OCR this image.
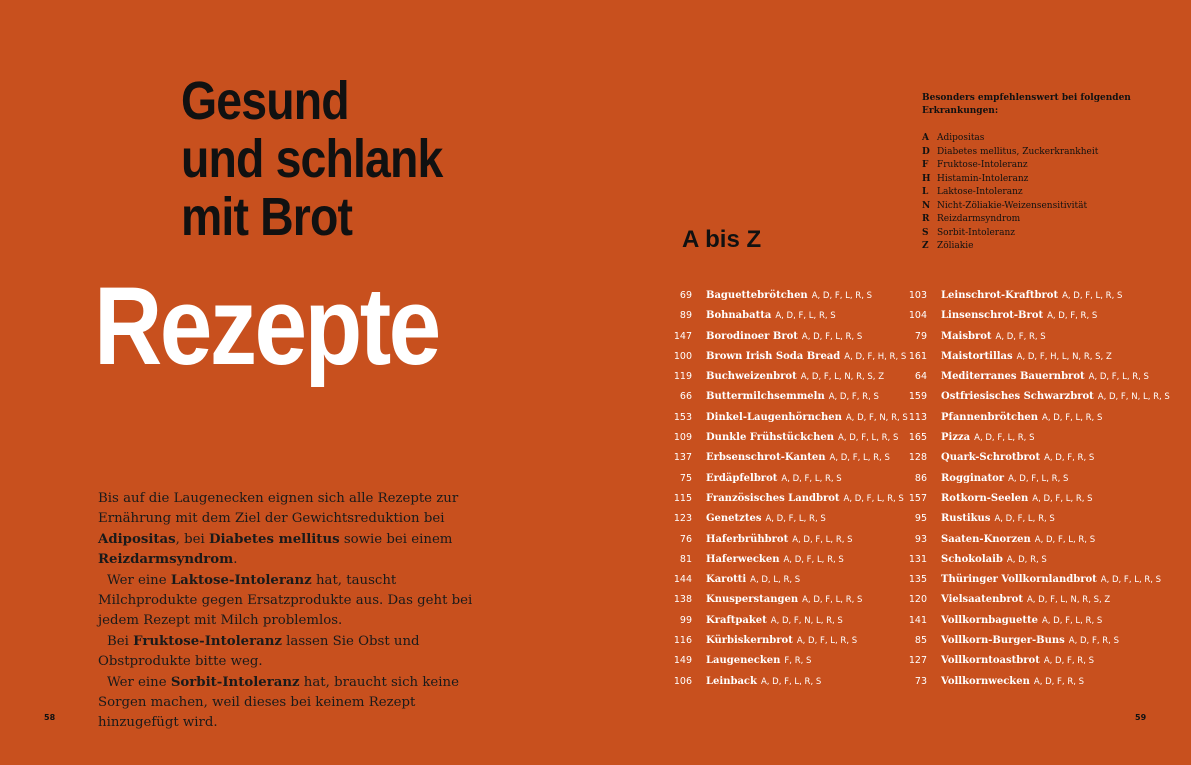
Gesund
und schlank
mit Brot
Rezepte

Bis auf die Laugenecken eignen sich alle Rezepte zur Ernährung mit dem Ziel der Gewichtsreduktion bei Adipositas, bei Diabetes mellitus sowie bei einem Reizdarmsyndrom.

Wer eine Laktose-Intoleranz hat, tauscht Milchprodukte gegen Ersatzprodukte aus. Das geht bei jedem Rezept mit Milch problemlos.

Bei Fruktose-Intoleranz lassen Sie Obst und Obstprodukte bitte weg.

Wer eine Sorbit-Intoleranz hat, braucht sich keine Sorgen machen, weil dieses bei keinem Rezept hinzugefügt wird.

58
Besonders empfehlenswert bei folgenden Erkrankungen:
A Adipositas
D Diabetes mellitus, Zuckerkrankheit
F Fruktose-Intoleranz
H Histamin-Intoleranz
L Laktose-Intoleranz
N Nicht-Zöliakie-Weizensensitivität
R Reizdarmsyndrom
S Sorbit-Intoleranz
Z Zöliakie
A bis Z
69 Baguettebrötchen A, D, F, L, R, S
89 Bohnabatta A, D, F, L, R, S
147 Borodinoer Brot A, D, F, L, R, S
100 Brown Irish Soda Bread A, D, F, H, R, S
119 Buchweizenbrot A, D, F, L, N, R, S, Z
66 Buttermilchsemmeln A, D, F, R, S
153 Dinkel-Laugenhörnchen A, D, F, N, R, S
109 Dunkle Frühstückchen A, D, F, L, R, S
137 Erbsenschrot-Kanten A, D, F, L, R, S
75 Erdäpfelbrot A, D, F, L, R, S
115 Französisches Landbrot A, D, F, L, R, S
123 Genetztes A, D, F, L, R, S
76 Haferbrühbrot A, D, F, L, R, S
81 Haferwecken A, D, F, L, R, S
144 Karotti A, D, L, R, S
138 Knusperstangen A, D, F, L, R, S
99 Kraftpaket A, D, F, N, L, R, S
116 Kürbiskernbrot A, D, F, L, R, S
149 Laugenecken F, R, S
106 Leinback A, D, F, L, R, S
103 Leinschrot-Kraftbrot A, D, F, L, R, S
104 Linsenschrot-Brot A, D, F, R, S
79 Maisbrot A, D, F, R, S
161 Maistortillas A, D, F, H, L, N, R, S, Z
64 Mediterranes Bauernbrot A, D, F, L, R, S
159 Ostfriesisches Schwarzbrot A, D, F, N, L, R, S
113 Pfannenbrötchen A, D, F, L, R, S
165 Pizza A, D, F, L, R, S
128 Quark-Schrotbrot A, D, F, R, S
86 Rogginator A, D, F, L, R, S
157 Rotkorn-Seelen A, D, F, L, R, S
95 Rustikus A, D, F, L, R, S
93 Saaten-Knorzen A, D, F, L, R, S
131 Schokolaib A, D, R, S
135 Thüringer Vollkornlandbrot A, D, F, L, R, S
120 Vielsaatenbrot A, D, F, L, N, R, S, Z
141 Vollkornbaguette A, D, F, L, R, S
85 Vollkorn-Burger-Buns A, D, F, R, S
127 Vollkorntoastbrot A, D, F, R, S
73 Vollkornwecken A, D, F, R, S
59
